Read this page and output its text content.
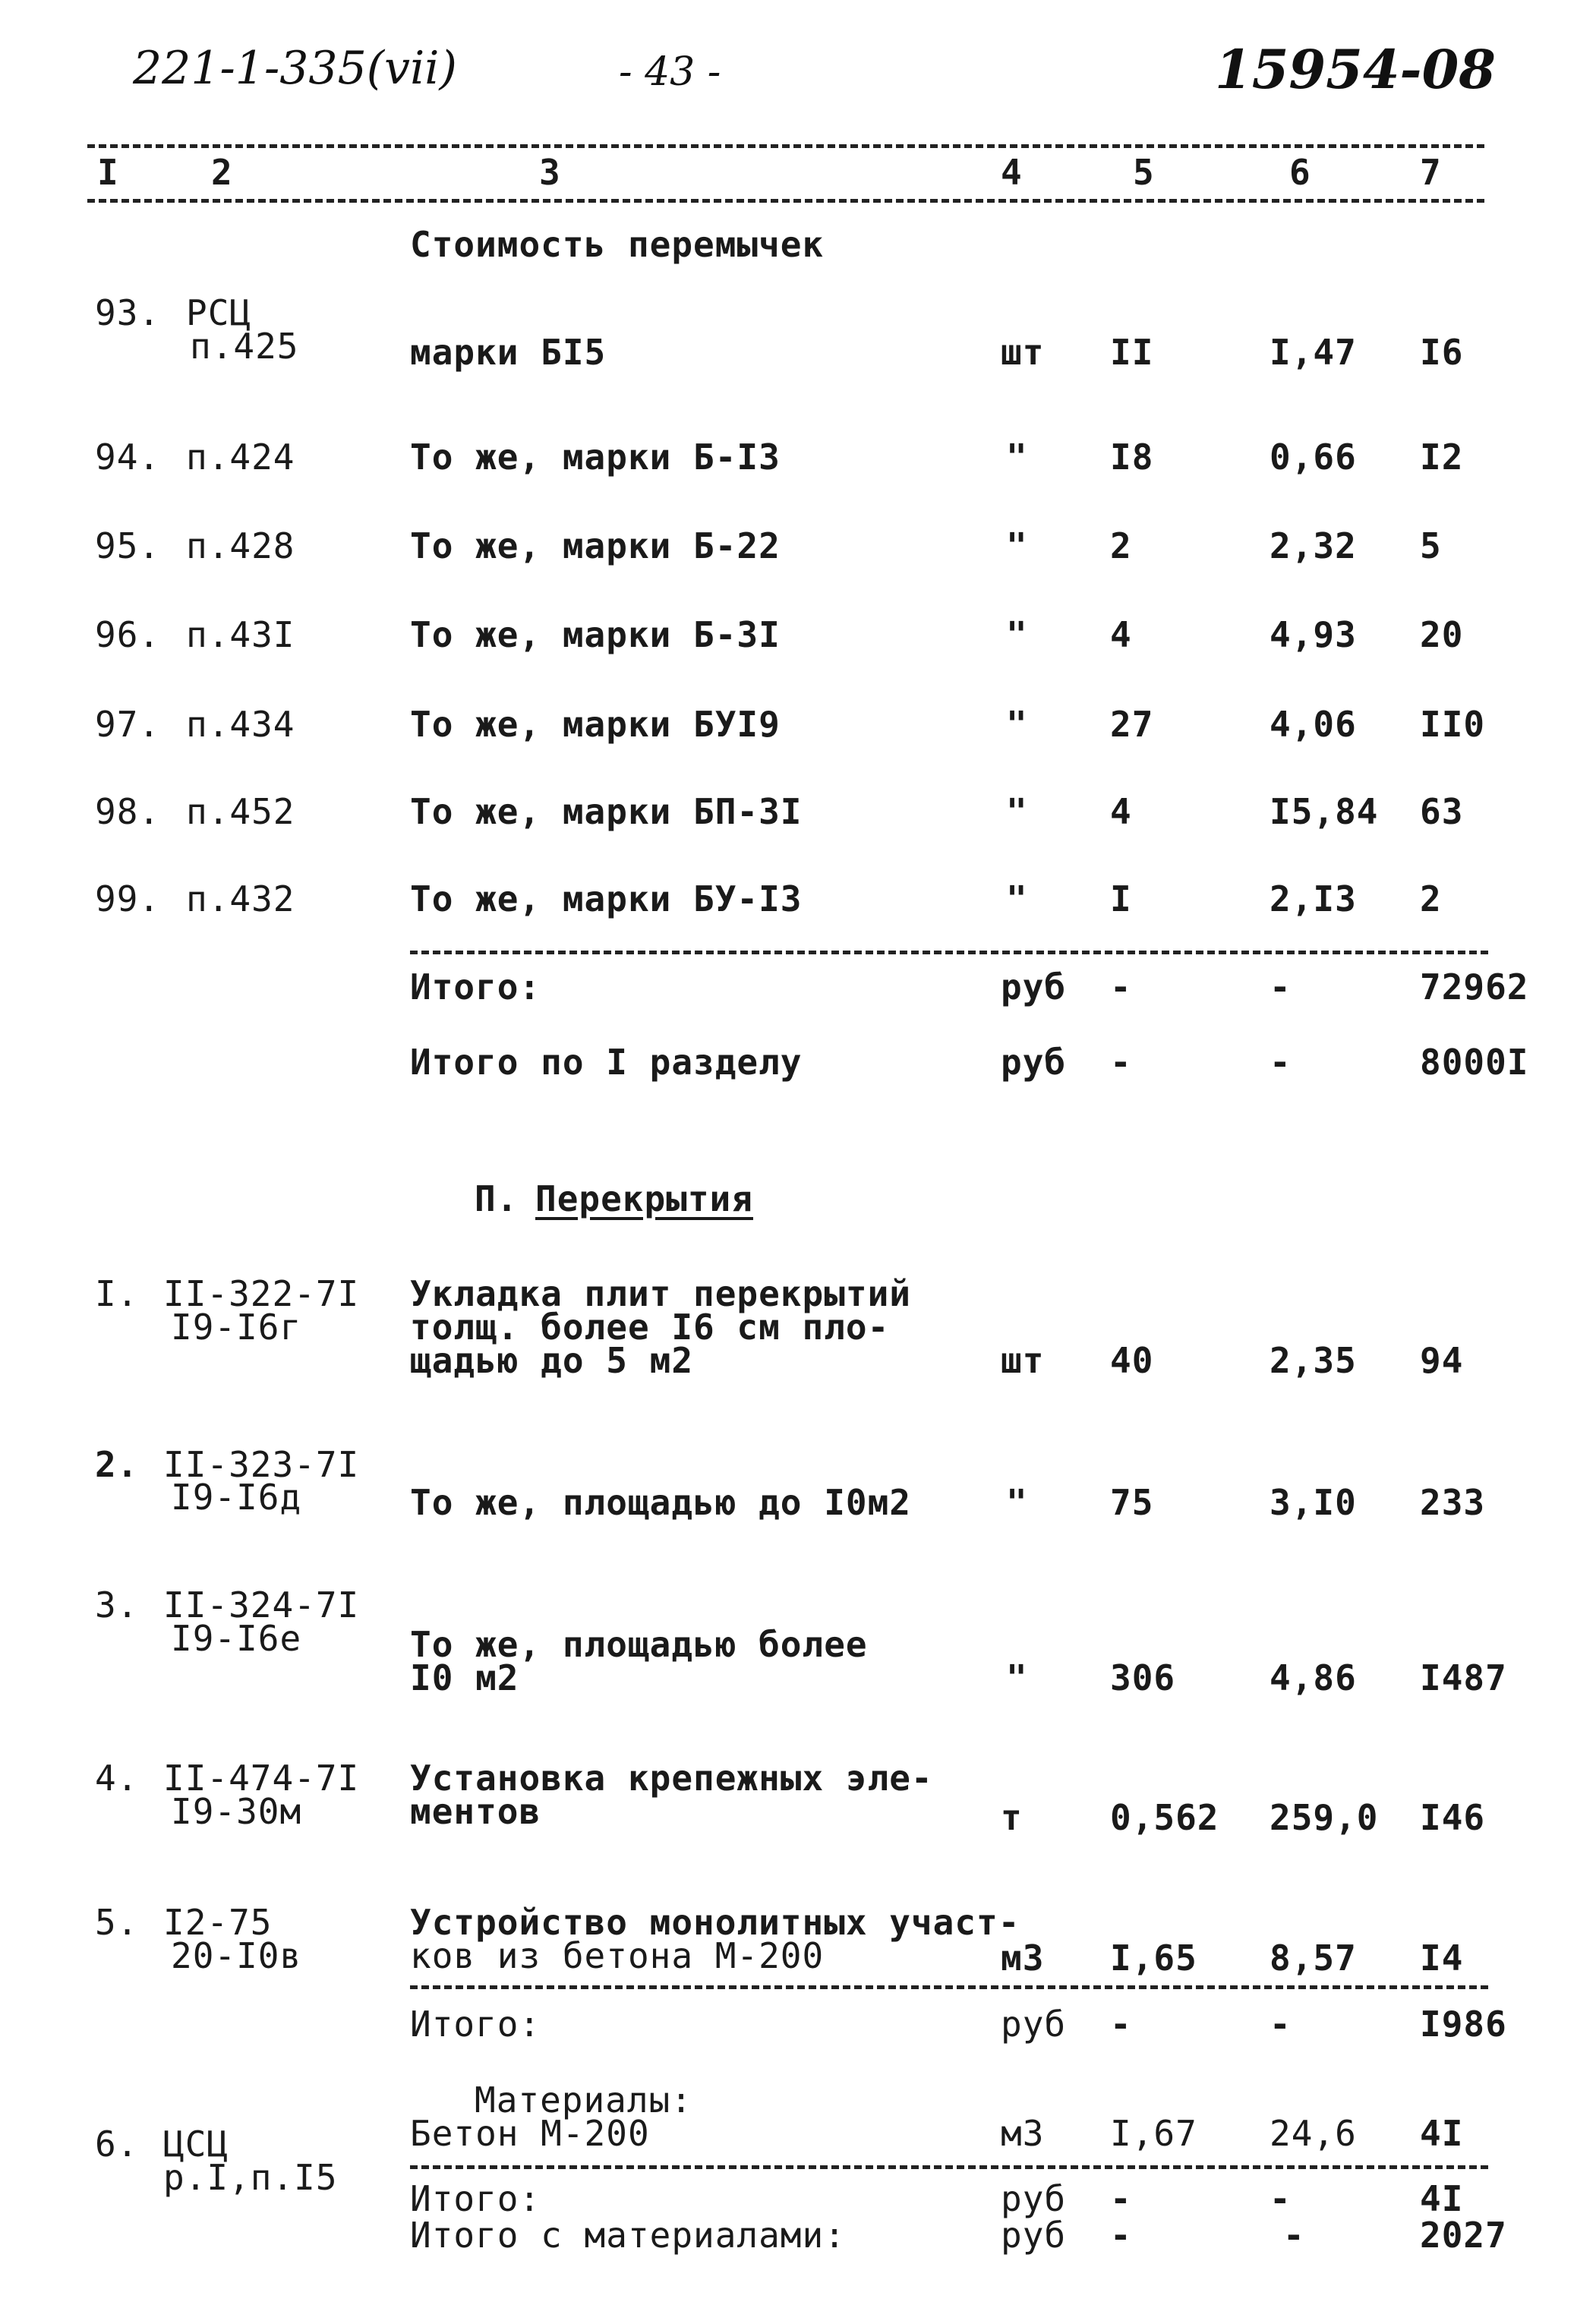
221-1-335(vii)	- 43 -	15954-08
I	2	3	4	5	6	7
Стоимость перемычек
93. РСЦ
п.425	марки БI5	шт II	I,47 I6
94. п.424	То же, марки Б-I3	" I8	0,66 I2
95. п.428	То же, марки Б-22	" 2	2,32 5
96. п.43I	То же, марки Б-3I	" 4	4,93 20
97. п.434	То же, марки БУI9	" 27	4,06 II0
98. п.452	То же, марки БП-3I	" 4	I5,84 63
99. п.432	То же, марки БУ-I3	" I	2,I3 2
Итого:	руб -	-	72962
Итого по I разделу	руб -	-	8000I
П. Перекрытия
I. II-322-7I
I9-I6г
Укладка плит перекрытий
толщ. более I6 см пло-
щадью до 5 м2	шт 40	2,35 94
2. II-323-7I
I9-I6д	То же, площадью до I0м2	" 75	3,I0 233
3. II-324-7I
I9-I6е	То же, площадью более
I0 м2	" 306	4,86 I487
4. II-474-7I
I9-30м
Установка крепежных эле-
ментов	т	0,562 259,0 I46
5. I2-75
20-I0в
Устройство монолитных участ-
ков из бетона М-200	м3 I,65 8,57 I4
Итого:	руб -	-	I986
Материалы:
6. ЦСЦ
р.I,п.I5
Бетон М-200	м3 I,67 24,6 4I
Итого:	руб -	-	4I
Итого с материалами:	руб -	-	2027
